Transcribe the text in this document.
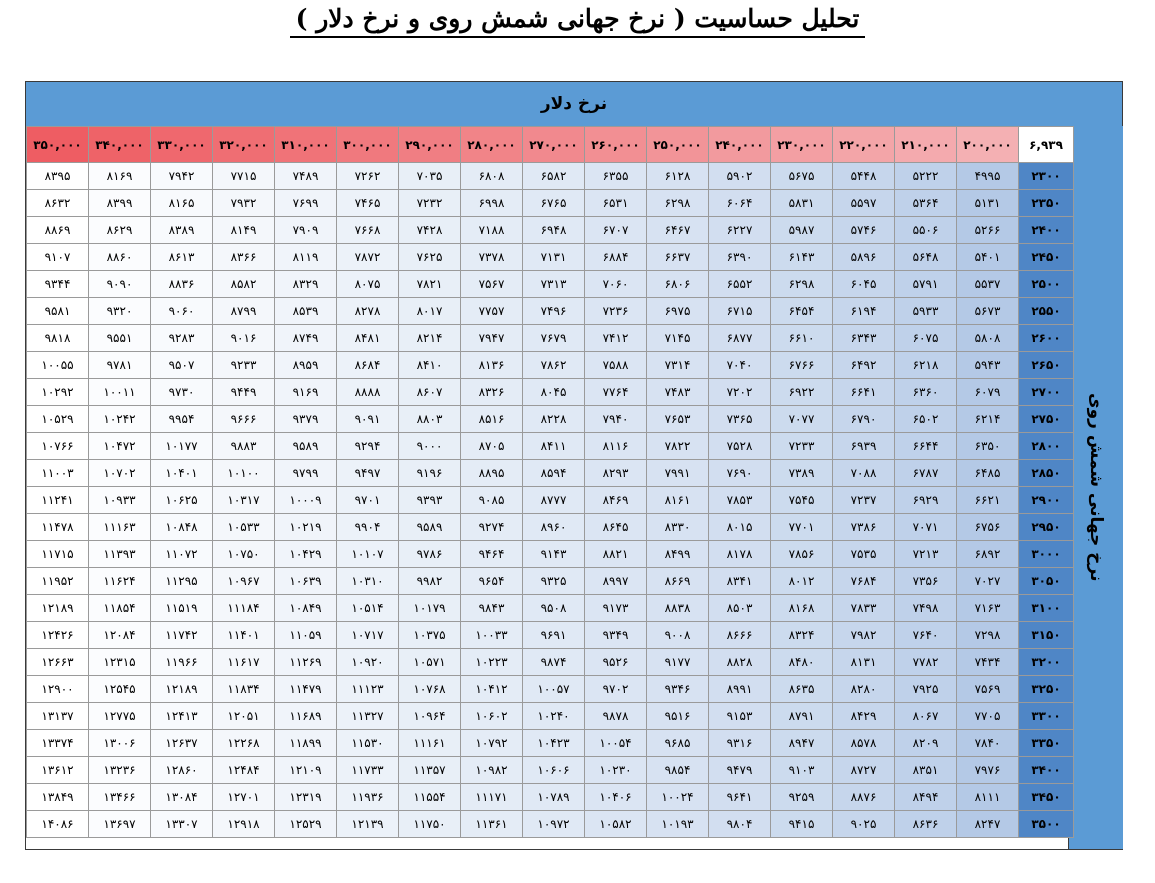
تحلیل حساسیت ( نرخ جهانی شمش روی و نرخ دلار )
نرخ دلار
نرخ جهانی شمش روی
۶,۹۳۹	۲۰۰,۰۰۰	۲۱۰,۰۰۰	۲۲۰,۰۰۰	۲۳۰,۰۰۰	۲۴۰,۰۰۰	۲۵۰,۰۰۰	۲۶۰,۰۰۰	۲۷۰,۰۰۰	۲۸۰,۰۰۰	۲۹۰,۰۰۰	۳۰۰,۰۰۰	۳۱۰,۰۰۰	۳۲۰,۰۰۰	۳۳۰,۰۰۰	۳۴۰,۰۰۰	۳۵۰,۰۰۰
۲۳۰۰	۴۹۹۵	۵۲۲۲	۵۴۴۸	۵۶۷۵	۵۹۰۲	۶۱۲۸	۶۳۵۵	۶۵۸۲	۶۸۰۸	۷۰۳۵	۷۲۶۲	۷۴۸۹	۷۷۱۵	۷۹۴۲	۸۱۶۹	۸۳۹۵
۲۳۵۰	۵۱۳۱	۵۳۶۴	۵۵۹۷	۵۸۳۱	۶۰۶۴	۶۲۹۸	۶۵۳۱	۶۷۶۵	۶۹۹۸	۷۲۳۲	۷۴۶۵	۷۶۹۹	۷۹۳۲	۸۱۶۵	۸۳۹۹	۸۶۳۲
۲۴۰۰	۵۲۶۶	۵۵۰۶	۵۷۴۶	۵۹۸۷	۶۲۲۷	۶۴۶۷	۶۷۰۷	۶۹۴۸	۷۱۸۸	۷۴۲۸	۷۶۶۸	۷۹۰۹	۸۱۴۹	۸۳۸۹	۸۶۲۹	۸۸۶۹
۲۴۵۰	۵۴۰۱	۵۶۴۸	۵۸۹۶	۶۱۴۳	۶۳۹۰	۶۶۳۷	۶۸۸۴	۷۱۳۱	۷۳۷۸	۷۶۲۵	۷۸۷۲	۸۱۱۹	۸۳۶۶	۸۶۱۳	۸۸۶۰	۹۱۰۷
۲۵۰۰	۵۵۳۷	۵۷۹۱	۶۰۴۵	۶۲۹۸	۶۵۵۲	۶۸۰۶	۷۰۶۰	۷۳۱۳	۷۵۶۷	۷۸۲۱	۸۰۷۵	۸۳۲۹	۸۵۸۲	۸۸۳۶	۹۰۹۰	۹۳۴۴
۲۵۵۰	۵۶۷۳	۵۹۳۳	۶۱۹۴	۶۴۵۴	۶۷۱۵	۶۹۷۵	۷۲۳۶	۷۴۹۶	۷۷۵۷	۸۰۱۷	۸۲۷۸	۸۵۳۹	۸۷۹۹	۹۰۶۰	۹۳۲۰	۹۵۸۱
۲۶۰۰	۵۸۰۸	۶۰۷۵	۶۳۴۳	۶۶۱۰	۶۸۷۷	۷۱۴۵	۷۴۱۲	۷۶۷۹	۷۹۴۷	۸۲۱۴	۸۴۸۱	۸۷۴۹	۹۰۱۶	۹۲۸۳	۹۵۵۱	۹۸۱۸
۲۶۵۰	۵۹۴۳	۶۲۱۸	۶۴۹۲	۶۷۶۶	۷۰۴۰	۷۳۱۴	۷۵۸۸	۷۸۶۲	۸۱۳۶	۸۴۱۰	۸۶۸۴	۸۹۵۹	۹۲۳۳	۹۵۰۷	۹۷۸۱	۱۰۰۵۵
۲۷۰۰	۶۰۷۹	۶۳۶۰	۶۶۴۱	۶۹۲۲	۷۲۰۲	۷۴۸۳	۷۷۶۴	۸۰۴۵	۸۳۲۶	۸۶۰۷	۸۸۸۸	۹۱۶۹	۹۴۴۹	۹۷۳۰	۱۰۰۱۱	۱۰۲۹۲
۲۷۵۰	۶۲۱۴	۶۵۰۲	۶۷۹۰	۷۰۷۷	۷۳۶۵	۷۶۵۳	۷۹۴۰	۸۲۲۸	۸۵۱۶	۸۸۰۳	۹۰۹۱	۹۳۷۹	۹۶۶۶	۹۹۵۴	۱۰۲۴۲	۱۰۵۲۹
۲۸۰۰	۶۳۵۰	۶۶۴۴	۶۹۳۹	۷۲۳۳	۷۵۲۸	۷۸۲۲	۸۱۱۶	۸۴۱۱	۸۷۰۵	۹۰۰۰	۹۲۹۴	۹۵۸۹	۹۸۸۳	۱۰۱۷۷	۱۰۴۷۲	۱۰۷۶۶
۲۸۵۰	۶۴۸۵	۶۷۸۷	۷۰۸۸	۷۳۸۹	۷۶۹۰	۷۹۹۱	۸۲۹۳	۸۵۹۴	۸۸۹۵	۹۱۹۶	۹۴۹۷	۹۷۹۹	۱۰۱۰۰	۱۰۴۰۱	۱۰۷۰۲	۱۱۰۰۳
۲۹۰۰	۶۶۲۱	۶۹۲۹	۷۲۳۷	۷۵۴۵	۷۸۵۳	۸۱۶۱	۸۴۶۹	۸۷۷۷	۹۰۸۵	۹۳۹۳	۹۷۰۱	۱۰۰۰۹	۱۰۳۱۷	۱۰۶۲۵	۱۰۹۳۳	۱۱۲۴۱
۲۹۵۰	۶۷۵۶	۷۰۷۱	۷۳۸۶	۷۷۰۱	۸۰۱۵	۸۳۳۰	۸۶۴۵	۸۹۶۰	۹۲۷۴	۹۵۸۹	۹۹۰۴	۱۰۲۱۹	۱۰۵۳۳	۱۰۸۴۸	۱۱۱۶۳	۱۱۴۷۸
۳۰۰۰	۶۸۹۲	۷۲۱۳	۷۵۳۵	۷۸۵۶	۸۱۷۸	۸۴۹۹	۸۸۲۱	۹۱۴۳	۹۴۶۴	۹۷۸۶	۱۰۱۰۷	۱۰۴۲۹	۱۰۷۵۰	۱۱۰۷۲	۱۱۳۹۳	۱۱۷۱۵
۳۰۵۰	۷۰۲۷	۷۳۵۶	۷۶۸۴	۸۰۱۲	۸۳۴۱	۸۶۶۹	۸۹۹۷	۹۳۲۵	۹۶۵۴	۹۹۸۲	۱۰۳۱۰	۱۰۶۳۹	۱۰۹۶۷	۱۱۲۹۵	۱۱۶۲۴	۱۱۹۵۲
۳۱۰۰	۷۱۶۳	۷۴۹۸	۷۸۳۳	۸۱۶۸	۸۵۰۳	۸۸۳۸	۹۱۷۳	۹۵۰۸	۹۸۴۳	۱۰۱۷۹	۱۰۵۱۴	۱۰۸۴۹	۱۱۱۸۴	۱۱۵۱۹	۱۱۸۵۴	۱۲۱۸۹
۳۱۵۰	۷۲۹۸	۷۶۴۰	۷۹۸۲	۸۳۲۴	۸۶۶۶	۹۰۰۸	۹۳۴۹	۹۶۹۱	۱۰۰۳۳	۱۰۳۷۵	۱۰۷۱۷	۱۱۰۵۹	۱۱۴۰۱	۱۱۷۴۲	۱۲۰۸۴	۱۲۴۲۶
۳۲۰۰	۷۴۳۴	۷۷۸۲	۸۱۳۱	۸۴۸۰	۸۸۲۸	۹۱۷۷	۹۵۲۶	۹۸۷۴	۱۰۲۲۳	۱۰۵۷۱	۱۰۹۲۰	۱۱۲۶۹	۱۱۶۱۷	۱۱۹۶۶	۱۲۳۱۵	۱۲۶۶۳
۳۲۵۰	۷۵۶۹	۷۹۲۵	۸۲۸۰	۸۶۳۵	۸۹۹۱	۹۳۴۶	۹۷۰۲	۱۰۰۵۷	۱۰۴۱۲	۱۰۷۶۸	۱۱۱۲۳	۱۱۴۷۹	۱۱۸۳۴	۱۲۱۸۹	۱۲۵۴۵	۱۲۹۰۰
۳۳۰۰	۷۷۰۵	۸۰۶۷	۸۴۲۹	۸۷۹۱	۹۱۵۳	۹۵۱۶	۹۸۷۸	۱۰۲۴۰	۱۰۶۰۲	۱۰۹۶۴	۱۱۳۲۷	۱۱۶۸۹	۱۲۰۵۱	۱۲۴۱۳	۱۲۷۷۵	۱۳۱۳۷
۳۳۵۰	۷۸۴۰	۸۲۰۹	۸۵۷۸	۸۹۴۷	۹۳۱۶	۹۶۸۵	۱۰۰۵۴	۱۰۴۲۳	۱۰۷۹۲	۱۱۱۶۱	۱۱۵۳۰	۱۱۸۹۹	۱۲۲۶۸	۱۲۶۳۷	۱۳۰۰۶	۱۳۳۷۴
۳۴۰۰	۷۹۷۶	۸۳۵۱	۸۷۲۷	۹۱۰۳	۹۴۷۹	۹۸۵۴	۱۰۲۳۰	۱۰۶۰۶	۱۰۹۸۲	۱۱۳۵۷	۱۱۷۳۳	۱۲۱۰۹	۱۲۴۸۴	۱۲۸۶۰	۱۳۲۳۶	۱۳۶۱۲
۳۴۵۰	۸۱۱۱	۸۴۹۴	۸۸۷۶	۹۲۵۹	۹۶۴۱	۱۰۰۲۴	۱۰۴۰۶	۱۰۷۸۹	۱۱۱۷۱	۱۱۵۵۴	۱۱۹۳۶	۱۲۳۱۹	۱۲۷۰۱	۱۳۰۸۴	۱۳۴۶۶	۱۳۸۴۹
۳۵۰۰	۸۲۴۷	۸۶۳۶	۹۰۲۵	۹۴۱۵	۹۸۰۴	۱۰۱۹۳	۱۰۵۸۲	۱۰۹۷۲	۱۱۳۶۱	۱۱۷۵۰	۱۲۱۳۹	۱۲۵۲۹	۱۲۹۱۸	۱۳۳۰۷	۱۳۶۹۷	۱۴۰۸۶
